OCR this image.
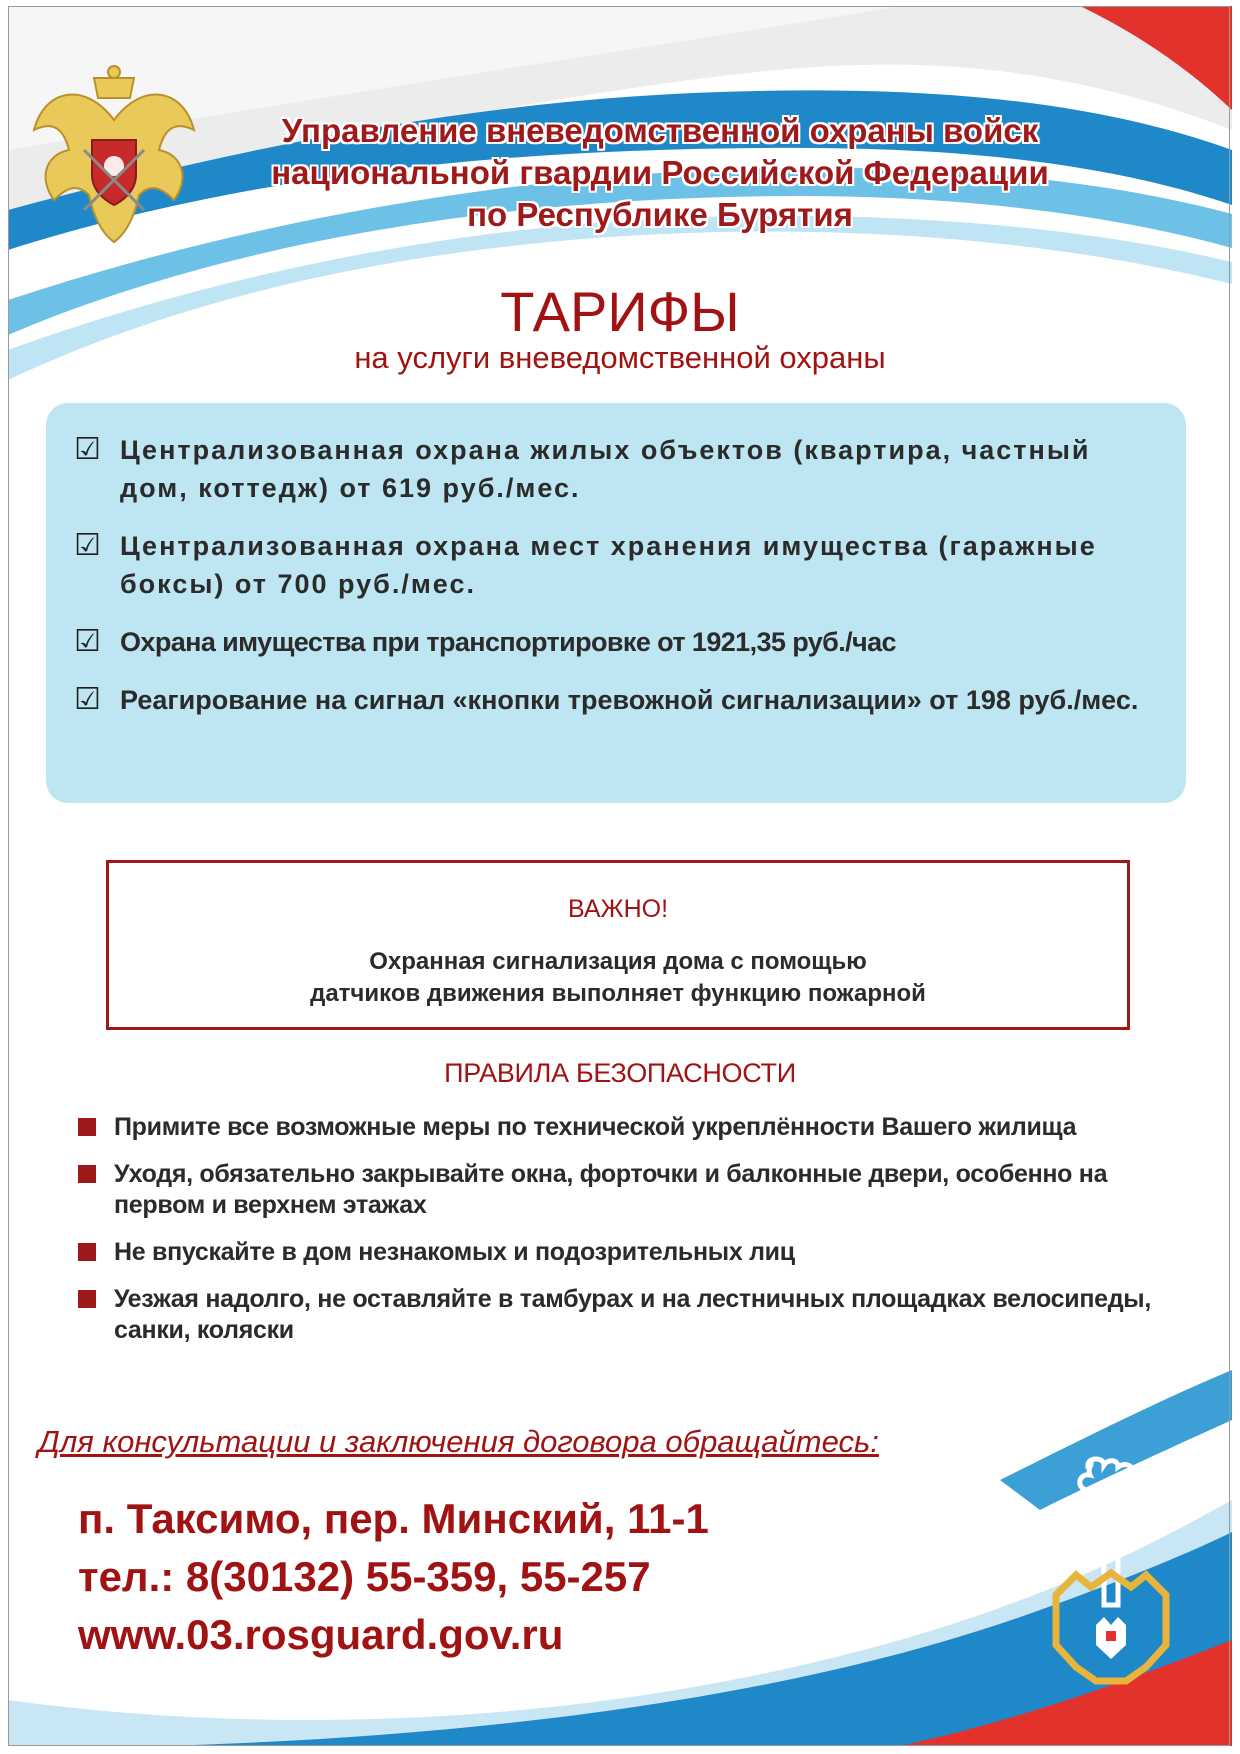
Управление вневедомственной охраны войск
национальной гвардии Российской Федерации
по Республике Бурятия
ТАРИФЫ
на услуги вневедомственной охраны
☑ Централизованная охрана жилых объектов (квартира, частный дом, коттедж) от 619 руб./мес.
☑ Централизованная охрана мест хранения имущества (гаражные боксы) от 700 руб./мес.
☑ Охрана имущества при транспортировке от 1921,35 руб./час
☑ Реагирование на сигнал «кнопки тревожной сигнализации» от 198 руб./мес.
ВАЖНО!
Охранная сигнализация дома с помощью
датчиков движения выполняет функцию пожарной
ПРАВИЛА БЕЗОПАСНОСТИ
Примите все возможные меры по технической укреплённости Вашего жилища
Уходя, обязательно закрывайте окна, форточки и балконные двери, особенно на первом и верхнем этажах
Не впускайте в дом незнакомых и подозрительных лиц
Уезжая надолго, не оставляйте в тамбурах и на лестничных площадках велосипеды, санки, коляски
Для консультации и заключения договора обращайтесь:
п. Таксимо, пер. Минский, 11-1
тел.: 8(30132) 55-359, 55-257
www.03.rosguard.gov.ru
